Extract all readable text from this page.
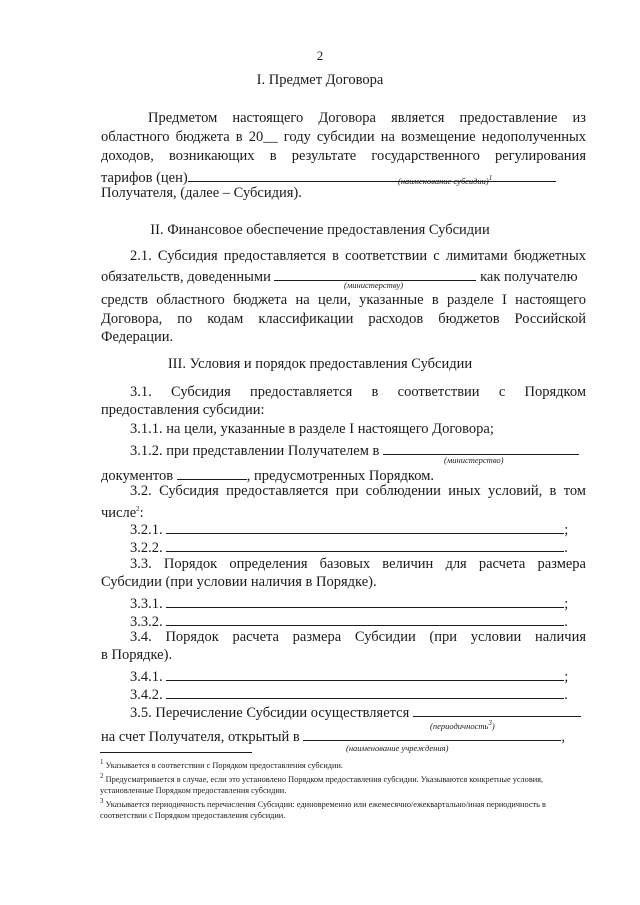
2
I. Предмет Договора
Предметом настоящего Договора является предоставление из
областного бюджета в 20__ году субсидии на возмещение недополученных
доходов, возникающих в результате государственного регулирования
тарифов (цен)	(наименование субсидии)$^1$
Получателя, (далее – Субсидия).
II. Финансовое обеспечение предоставления Субсидии
2.1. Субсидия предоставляется в соответствии с лимитами бюджетных
обязательств, доведенными	как получателю
(министерству)
средств областного бюджета на цели, указанные в разделе I настоящего
Договора, по кодам классификации расходов бюджетов Российской
Федерации.
III. Условия и порядок предоставления Субсидии
3.1. Субсидия предоставляется в соответствии с Порядком
предоставления субсидии:
3.1.1. на цели, указанные в разделе I настоящего Договора;
3.1.2. при представлении Получателем в
(министерство)
документов	, предусмотренных Порядком.
3.2. Субсидия предоставляется при соблюдении иных условий, в том
числе$^2$:
3.2.1.	;
3.2.2.	.
3.3. Порядок определения базовых величин для расчета размера
Субсидии (при условии наличия в Порядке).
3.3.1.	;
3.3.2.	.
3.4. Порядок расчета размера Субсидии (при условии наличия
в Порядке).
3.4.1.	;
3.4.2.	.
3.5. Перечисление Субсидии осуществляется
(периодичность$^3$)
на счет Получателя, открытый в	,
(наименование учреждения)
$^1$ Указывается в соответствии с Порядком предоставления субсидии.
$^2$ Предусматривается в случае, если это установлено Порядком предоставления субсидии. Указываются конкретные условия, установленные Порядком предоставления субсидии.
$^3$ Указывается периодичность перечисления Субсидии: единовременно или ежемесячно/ежеквартально/иная периодичность в соответствии с Порядком предоставления субсидии.
